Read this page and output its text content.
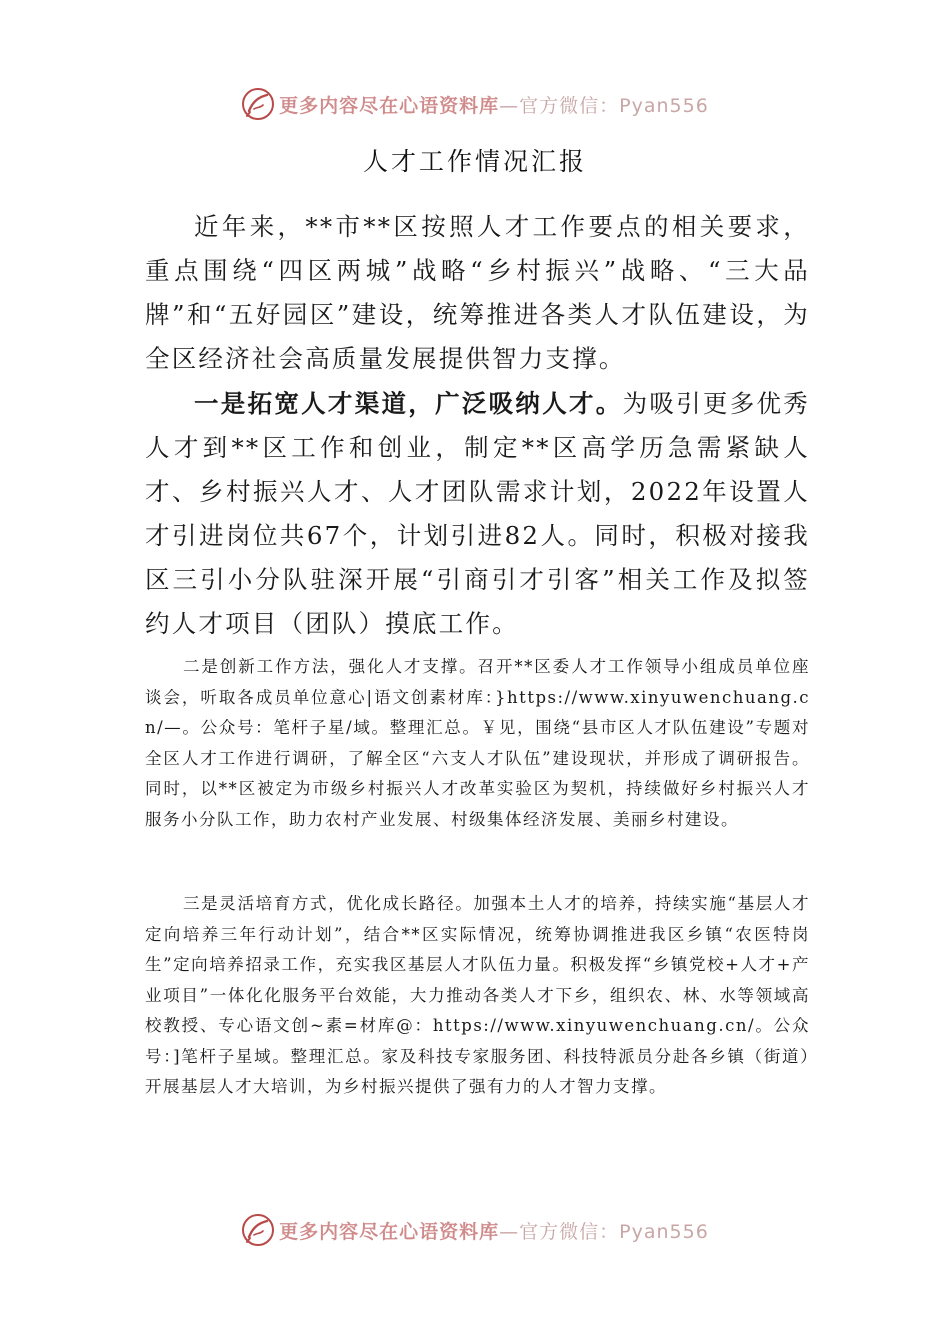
更多内容尽在心语资料库—官方微信：Pyan556
人才工作情况汇报

近年来，**市**区按照人才工作要点的相关要求，重点围绕“四区两城”战略“乡村振兴”战略、“三大品牌”和“五好园区”建设，统筹推进各类人才队伍建设，为全区经济社会高质量发展提供智力支撑。

一是拓宽人才渠道，广泛吸纳人才。为吸引更多优秀人才到**区工作和创业，制定**区高学历急需紧缺人才、乡村振兴人才、人才团队需求计划，2022年设置人才引进岗位共67个，计划引进82人。同时，积极对接我区三引小分队驻深开展“引商引才引客”相关工作及拟签约人才项目（团队）摸底工作。

二是创新工作方法，强化人才支撑。召开**区委人才工作领导小组成员单位座谈会，听取各成员单位意心|语文创素材库：}https://www.xinyuwenchuang.cn/—。公众号：笔杆子星/域。整理汇总。￥见，围绕“县市区人才队伍建设”专题对全区人才工作进行调研，了解全区“六支人才队伍”建设现状，并形成了调研报告。同时，以**区被定为市级乡村振兴人才改革实验区为契机，持续做好乡村振兴人才服务小分队工作，助力农村产业发展、村级集体经济发展、美丽乡村建设。

三是灵活培育方式，优化成长路径。加强本土人才的培养，持续实施“基层人才定向培养三年行动计划”，结合**区实际情况，统筹协调推进我区乡镇“农医特岗生”定向培养招录工作，充实我区基层人才队伍力量。积极发挥“乡镇党校+人才+产业项目”一体化化服务平台效能，大力推动各类人才下乡，组织农、林、水等领域高校教授、专心语文创~素=材库@：https://www.xinyuwenchuang.cn/。公众号：]笔杆子星域。整理汇总。家及科技专家服务团、科技特派员分赴各乡镇（街道）开展基层人才大培训，为乡村振兴提供了强有力的人才智力支撑。

更多内容尽在心语资料库—官方微信：Pyan556
